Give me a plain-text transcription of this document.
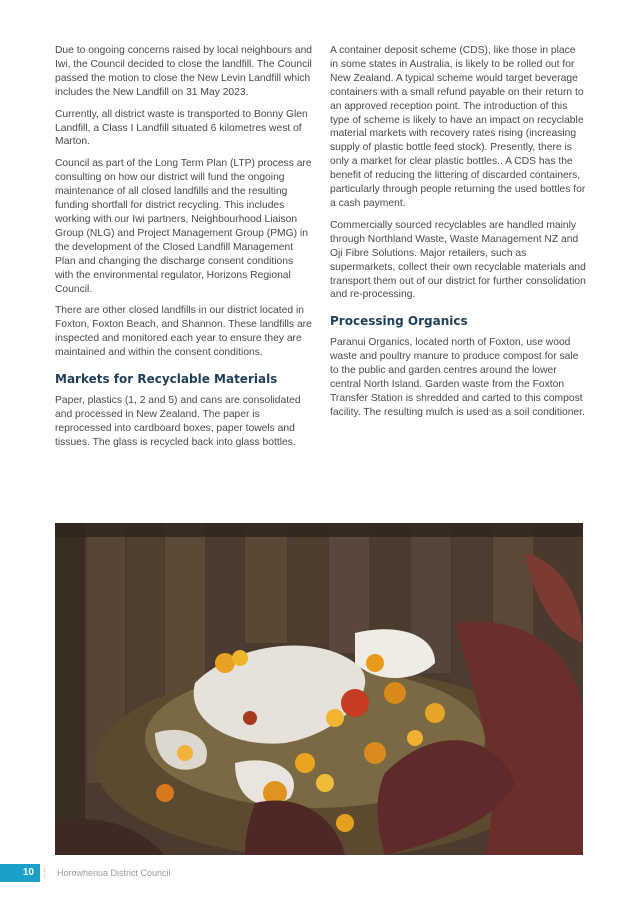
Due to ongoing concerns raised by local neighbours and Iwi, the Council decided to close the landfill. The Council passed the motion to close the New Levin Landfill which includes the New Landfill on 31 May 2023.

Currently, all district waste is transported to Bonny Glen Landfill, a Class I Landfill situated 6 kilometres west of Marton.

Council as part of the Long Term Plan (LTP) process are consulting on how our district will fund the ongoing maintenance of all closed landfills and the resulting funding shortfall for district recycling. This includes working with our Iwi partners, Neighbourhood Liaison Group (NLG) and Project Management Group (PMG) in the development of the Closed Landfill Management Plan and changing the discharge consent conditions with the environmental regulator, Horizons Regional Council.

There are other closed landfills in our district located in Foxton, Foxton Beach, and Shannon. These landfills are inspected and monitored each year to ensure they are maintained and within the consent conditions.

Markets for Recyclable Materials

Paper, plastics (1, 2 and 5) and cans are consolidated and processed in New Zealand. The paper is reprocessed into cardboard boxes, paper towels and tissues. The glass is recycled back into glass bottles.

A container deposit scheme (CDS), like those in place in some states in Australia, is likely to be rolled out for New Zealand. A typical scheme would target beverage containers with a small refund payable on their return to an approved reception point. The introduction of this type of scheme is likely to have an impact on recyclable material markets with recovery rates rising (increasing supply of plastic bottle feed stock). Presently, there is only a market for clear plastic bottles.. A CDS has the benefit of reducing the littering of discarded containers, particularly through people returning the used bottles for a cash payment.

Commercially sourced recyclables are handled mainly through Northland Waste, Waste Management NZ and Oji Fibre Solutions. Major retailers, such as supermarkets, collect their own recyclable materials and transport them out of our district for further consolidation and re-processing.

Processing Organics

Paranui Organics, located north of Foxton, use wood waste and poultry manure to produce compost for sale to the public and garden centres around the lower central North Island. Garden waste from the Foxton Transfer Station is shredded and carted to this compost facility. The resulting mulch is used as a soil conditioner.

10	Horowhenua District Council
